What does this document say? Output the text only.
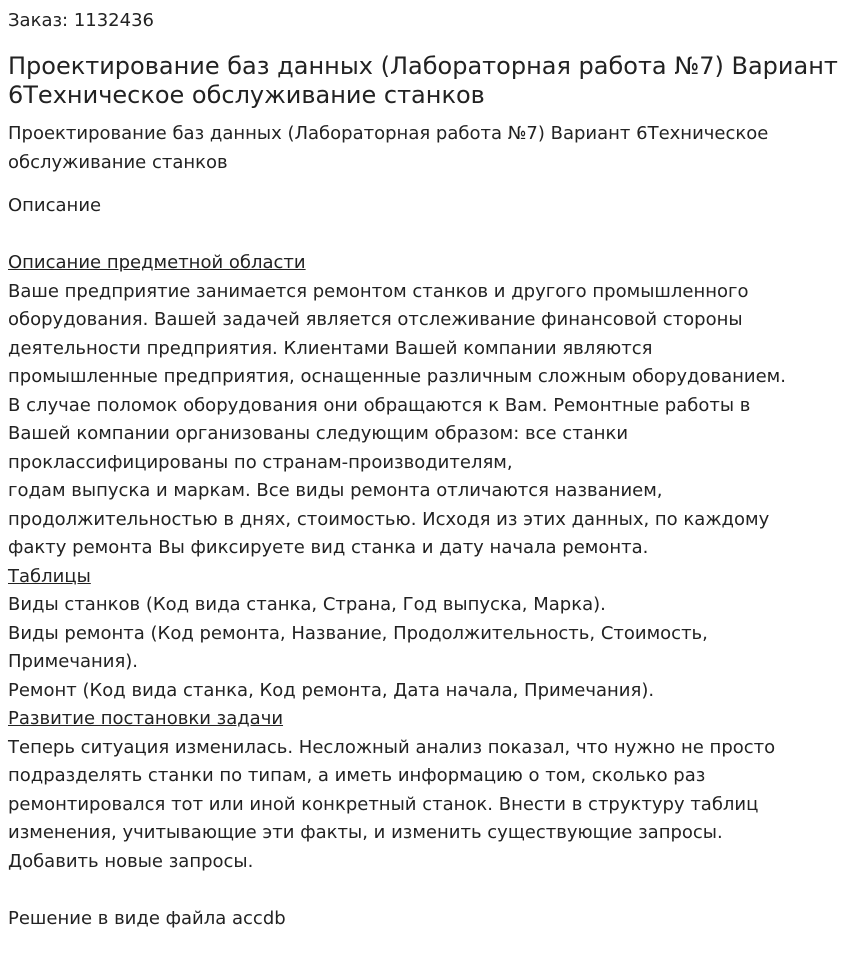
Заказ: 1132436
Проектирование баз данных (Лабораторная работа №7) Вариант 6Техническое обслуживание станков
Проектирование баз данных (Лабораторная работа №7) Вариант 6Техническое обслуживание станков
Описание
Описание предметной области
Ваше предприятие занимается ремонтом станков и другого промышленного
оборудования. Вашей задачей является отслеживание финансовой стороны
деятельности предприятия. Клиентами Вашей компании являются
промышленные предприятия, оснащенные различным сложным оборудованием.
В случае поломок оборудования они обращаются к Вам. Ремонтные работы в
Вашей компании организованы следующим образом: все станки
проклассифицированы по странам-производителям,
годам выпуска и маркам. Все виды ремонта отличаются названием,
продолжительностью в днях, стоимостью. Исходя из этих данных, по каждому
факту ремонта Вы фиксируете вид станка и дату начала ремонта.
Таблицы
Виды станков (Код вида станка, Страна, Год выпуска, Марка).
Виды ремонта (Код ремонта, Название, Продолжительность, Стоимость,
Примечания).
Ремонт (Код вида станка, Код ремонта, Дата начала, Примечания).
Развитие постановки задачи
Теперь ситуация изменилась. Несложный анализ показал, что нужно не просто
подразделять станки по типам, а иметь информацию о том, сколько раз
ремонтировался тот или иной конкретный станок. Внести в структуру таблиц
изменения, учитывающие эти факты, и изменить существующие запросы.
Добавить новые запросы.
Решение в виде файла accdb
